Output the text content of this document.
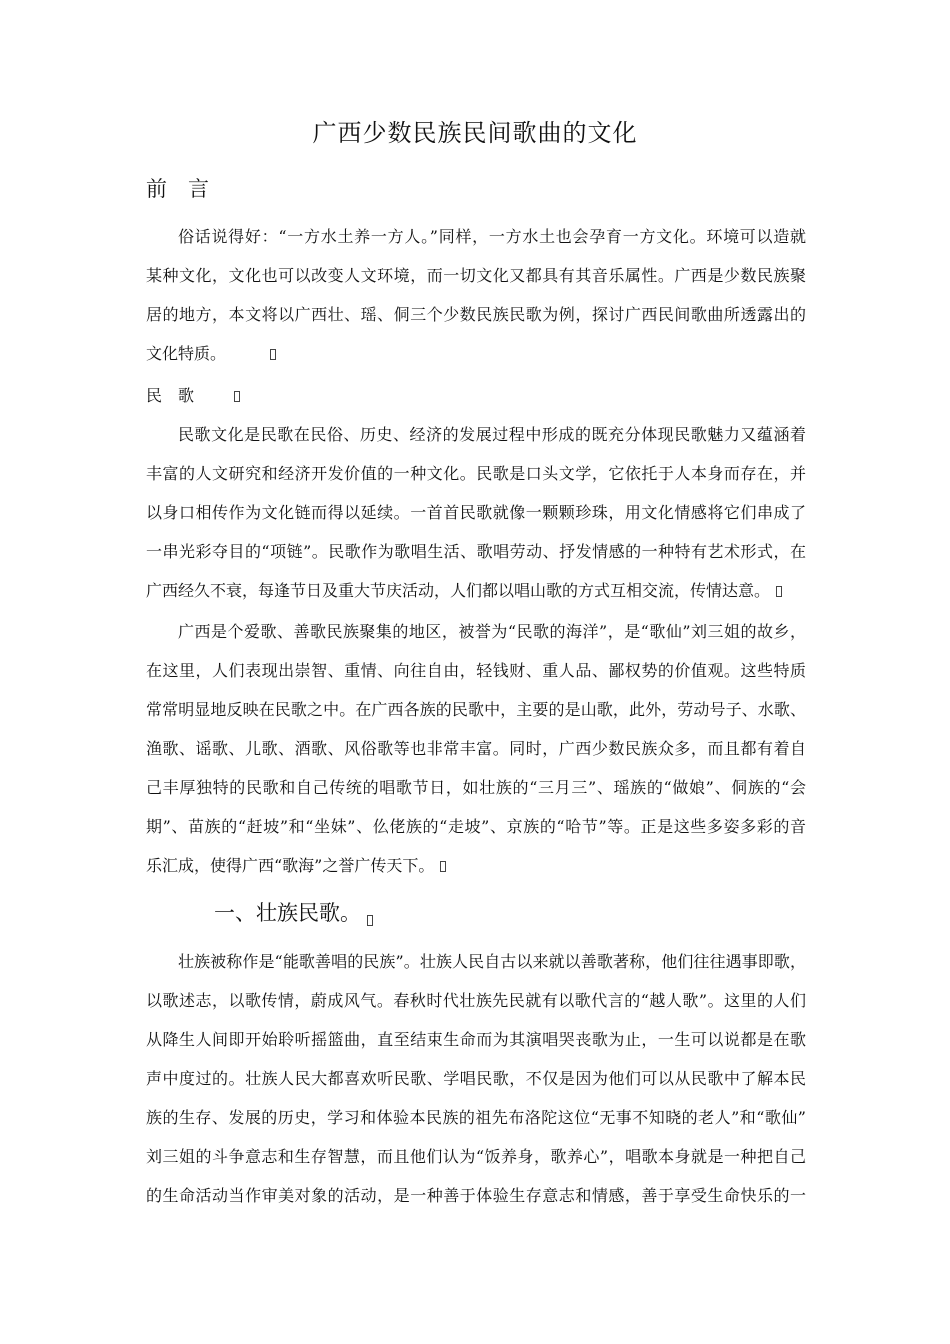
广西少数民族民间歌曲的文化
前　言
俗话说得好：“一方水土养一方人。”同样，一方水土也会孕育一方文化。环境可以造就
某种文化，文化也可以改变人文环境，而一切文化又都具有其音乐属性。广西是少数民族聚
居的地方，本文将以广西壮、瑶、侗三个少数民族民歌为例，探讨广西民间歌曲所透露出的
文化特质。
民　歌
民歌文化是民歌在民俗、历史、经济的发展过程中形成的既充分体现民歌魅力又蕴涵着
丰富的人文研究和经济开发价值的一种文化。民歌是口头文学，它依托于人本身而存在，并
以身口相传作为文化链而得以延续。一首首民歌就像一颗颗珍珠，用文化情感将它们串成了
一串光彩夺目的“项链”。民歌作为歌唱生活、歌唱劳动、抒发情感的一种特有艺术形式，在
广西经久不衰，每逢节日及重大节庆活动，人们都以唱山歌的方式互相交流，传情达意。
广西是个爱歌、善歌民族聚集的地区，被誉为“民歌的海洋”，是“歌仙”刘三姐的故乡，
在这里，人们表现出崇智、重情、向往自由，轻钱财、重人品、鄙权势的价值观。这些特质
常常明显地反映在民歌之中。在广西各族的民歌中，主要的是山歌，此外，劳动号子、水歌、
渔歌、谣歌、儿歌、酒歌、风俗歌等也非常丰富。同时，广西少数民族众多，而且都有着自
己丰厚独特的民歌和自己传统的唱歌节日，如壮族的“三月三”、瑶族的“做娘”、侗族的“会
期”、苗族的“赶坡”和“坐妹”、仫佬族的“走坡”、京族的“哈节”等。正是这些多姿多彩的音
乐汇成，使得广西“歌海”之誉广传天下。
一、壮族民歌。
壮族被称作是“能歌善唱的民族”。壮族人民自古以来就以善歌著称，他们往往遇事即歌，
以歌述志，以歌传情，蔚成风气。春秋时代壮族先民就有以歌代言的“越人歌”。这里的人们
从降生人间即开始聆听摇篮曲，直至结束生命而为其演唱哭丧歌为止，一生可以说都是在歌
声中度过的。壮族人民大都喜欢听民歌、学唱民歌，不仅是因为他们可以从民歌中了解本民
族的生存、发展的历史，学习和体验本民族的祖先布洛陀这位“无事不知晓的老人”和“歌仙”
刘三姐的斗争意志和生存智慧，而且他们认为“饭养身，歌养心”，唱歌本身就是一种把自己
的生命活动当作审美对象的活动，是一种善于体验生存意志和情感，善于享受生命快乐的一
